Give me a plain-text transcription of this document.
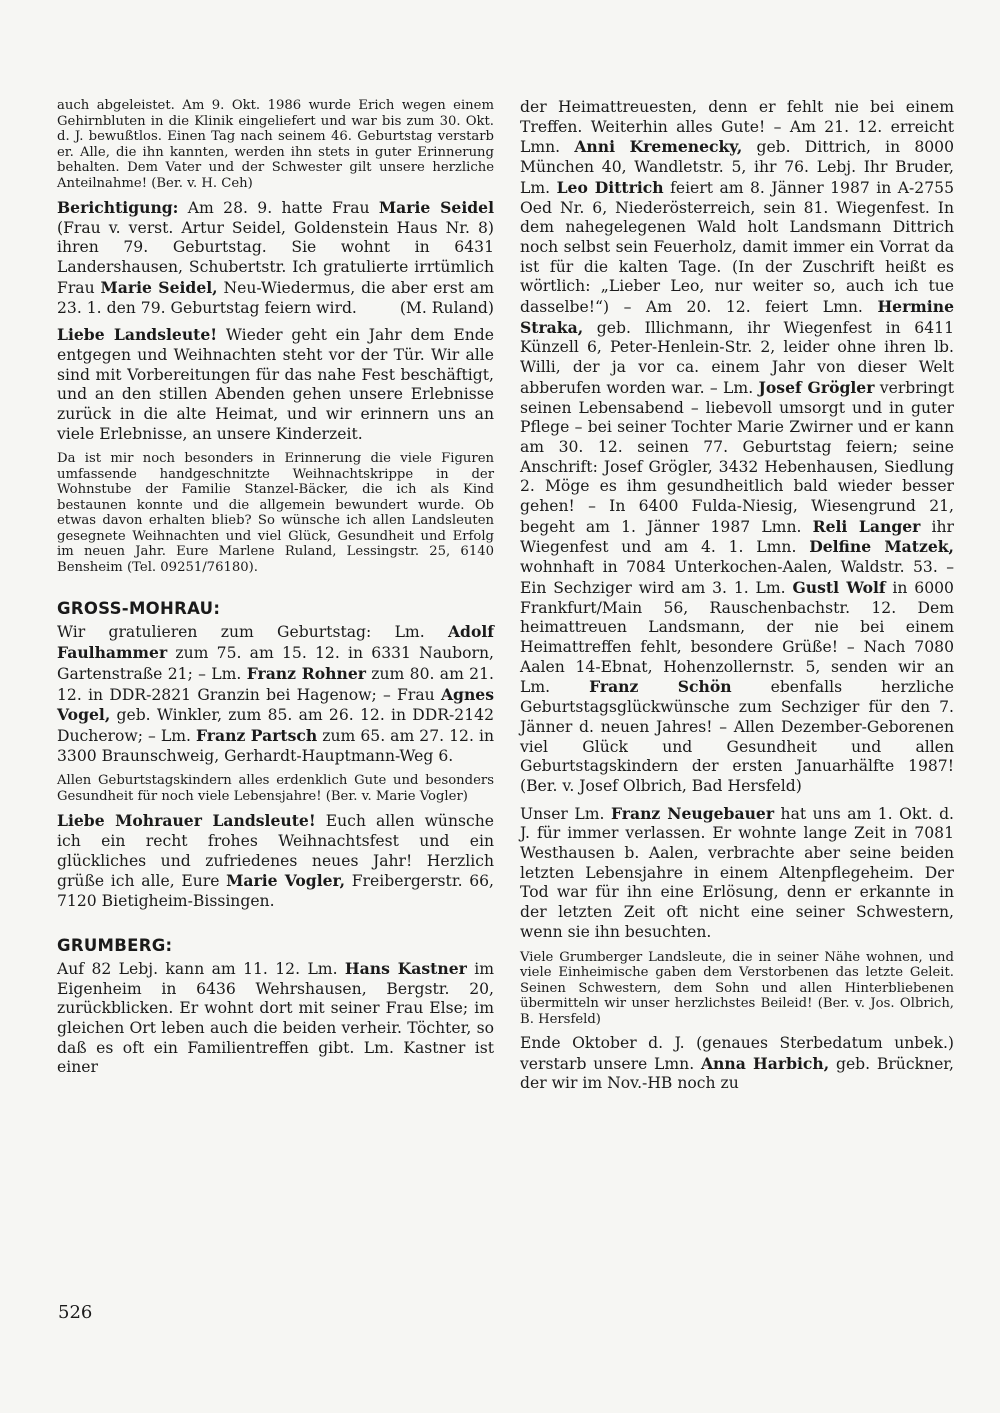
auch abgeleistet. Am 9. Okt. 1986 wurde Erich wegen einem Gehirnbluten in die Klinik eingeliefert und war bis zum 30. Okt. d. J. bewußtlos. Einen Tag nach seinem 46. Geburtstag verstarb er. Alle, die ihn kannten, werden ihn stets in guter Erinnerung behalten. Dem Vater und der Schwester gilt unsere herzliche Anteilnahme! (Ber. v. H. Ceh)

Berichtigung: Am 28. 9. hatte Frau Marie Seidel (Frau v. verst. Artur Seidel, Goldenstein Haus Nr. 8) ihren 79. Geburtstag. Sie wohnt in 6431 Landershausen, Schubertstr. Ich gratulierte irrtümlich Frau Marie Seidel, Neu-Wiedermus, die aber erst am 23. 1. den 79. Geburtstag feiern wird.	(M. Ruland)

Liebe Landsleute! Wieder geht ein Jahr dem Ende entgegen und Weihnachten steht vor der Tür. Wir alle sind mit Vorbereitungen für das nahe Fest beschäftigt, und an den stillen Abenden gehen unsere Erlebnisse zurück in die alte Heimat, und wir erinnern uns an viele Erlebnisse, an unsere Kinderzeit.

Da ist mir noch besonders in Erinnerung die viele Figuren umfassende handgeschnitzte Weihnachtskrippe in der Wohnstube der Familie Stanzel-Bäcker, die ich als Kind bestaunen konnte und die allgemein bewundert wurde. Ob etwas davon erhalten blieb? So wünsche ich allen Landsleuten gesegnete Weihnachten und viel Glück, Gesundheit und Erfolg im neuen Jahr. Eure Marlene Ruland, Lessingstr. 25, 6140 Bensheim (Tel. 09251/76180).

GROSS-MOHRAU:

Wir gratulieren zum Geburtstag: Lm. Adolf Faulhammer zum 75. am 15. 12. in 6331 Nauborn, Gartenstraße 21; – Lm. Franz Rohner zum 80. am 21. 12. in DDR-2821 Granzin bei Hagenow; – Frau Agnes Vogel, geb. Winkler, zum 85. am 26. 12. in DDR-2142 Ducherow; – Lm. Franz Partsch zum 65. am 27. 12. in 3300 Braunschweig, Gerhardt-Hauptmann-Weg 6.

Allen Geburtstagskindern alles erdenklich Gute und besonders Gesundheit für noch viele Lebensjahre! (Ber. v. Marie Vogler)

Liebe Mohrauer Landsleute! Euch allen wünsche ich ein recht frohes Weihnachtsfest und ein glückliches und zufriedenes neues Jahr! Herzlich grüße ich alle, Eure Marie Vogler, Freibergerstr. 66, 7120 Bietigheim-Bissingen.

GRUMBERG:

Auf 82 Lebj. kann am 11. 12. Lm. Hans Kastner im Eigenheim in 6436 Wehrshausen, Bergstr. 20, zurückblicken. Er wohnt dort mit seiner Frau Else; im gleichen Ort leben auch die beiden verheir. Töchter, so daß es oft ein Familientreffen gibt. Lm. Kastner ist einer

der Heimattreuesten, denn er fehlt nie bei einem Treffen. Weiterhin alles Gute! – Am 21. 12. erreicht Lmn. Anni Kremenecky, geb. Dittrich, in 8000 München 40, Wandletstr. 5, ihr 76. Lebj. Ihr Bruder, Lm. Leo Dittrich feiert am 8. Jänner 1987 in A-2755 Oed Nr. 6, Niederösterreich, sein 81. Wiegenfest. In dem nahegelegenen Wald holt Landsmann Dittrich noch selbst sein Feuerholz, damit immer ein Vorrat da ist für die kalten Tage. (In der Zuschrift heißt es wörtlich: „Lieber Leo, nur weiter so, auch ich tue dasselbe!“) – Am 20. 12. feiert Lmn. Hermine Straka, geb. Illichmann, ihr Wiegenfest in 6411 Künzell 6, Peter-Henlein-Str. 2, leider ohne ihren lb. Willi, der ja vor ca. einem Jahr von dieser Welt abberufen worden war. – Lm. Josef Grögler verbringt seinen Lebensabend – liebevoll umsorgt und in guter Pflege – bei seiner Tochter Marie Zwirner und er kann am 30. 12. seinen 77. Geburtstag feiern; seine Anschrift: Josef Grögler, 3432 Hebenhausen, Siedlung 2. Möge es ihm gesundheitlich bald wieder besser gehen! – In 6400 Fulda-Niesig, Wiesengrund 21, begeht am 1. Jänner 1987 Lmn. Reli Langer ihr Wiegenfest und am 4. 1. Lmn. Delfine Matzek, wohnhaft in 7084 Unterkochen-Aalen, Waldstr. 53. – Ein Sechziger wird am 3. 1. Lm. Gustl Wolf in 6000 Frankfurt/Main 56, Rauschenbachstr. 12. Dem heimattreuen Landsmann, der nie bei einem Heimattreffen fehlt, besondere Grüße! – Nach 7080 Aalen 14-Ebnat, Hohenzollernstr. 5, senden wir an Lm. Franz Schön ebenfalls herzliche Geburtstagsglückwünsche zum Sechziger für den 7. Jänner d. neuen Jahres! – Allen Dezember-Geborenen viel Glück und Gesundheit und allen Geburtstagskindern der ersten Januarhälfte 1987! (Ber. v. Josef Olbrich, Bad Hersfeld)

Unser Lm. Franz Neugebauer hat uns am 1. Okt. d. J. für immer verlassen. Er wohnte lange Zeit in 7081 Westhausen b. Aalen, verbrachte aber seine beiden letzten Lebensjahre in einem Altenpflegeheim. Der Tod war für ihn eine Erlösung, denn er erkannte in der letzten Zeit oft nicht eine seiner Schwestern, wenn sie ihn besuchten.

Viele Grumberger Landsleute, die in seiner Nähe wohnen, und viele Einheimische gaben dem Verstorbenen das letzte Geleit. Seinen Schwestern, dem Sohn und allen Hinterbliebenen übermitteln wir unser herzlichstes Beileid! (Ber. v. Jos. Olbrich, B. Hersfeld)

Ende Oktober d. J. (genaues Sterbedatum unbek.) verstarb unsere Lmn. Anna Harbich, geb. Brückner, der wir im Nov.-HB noch zu

526
